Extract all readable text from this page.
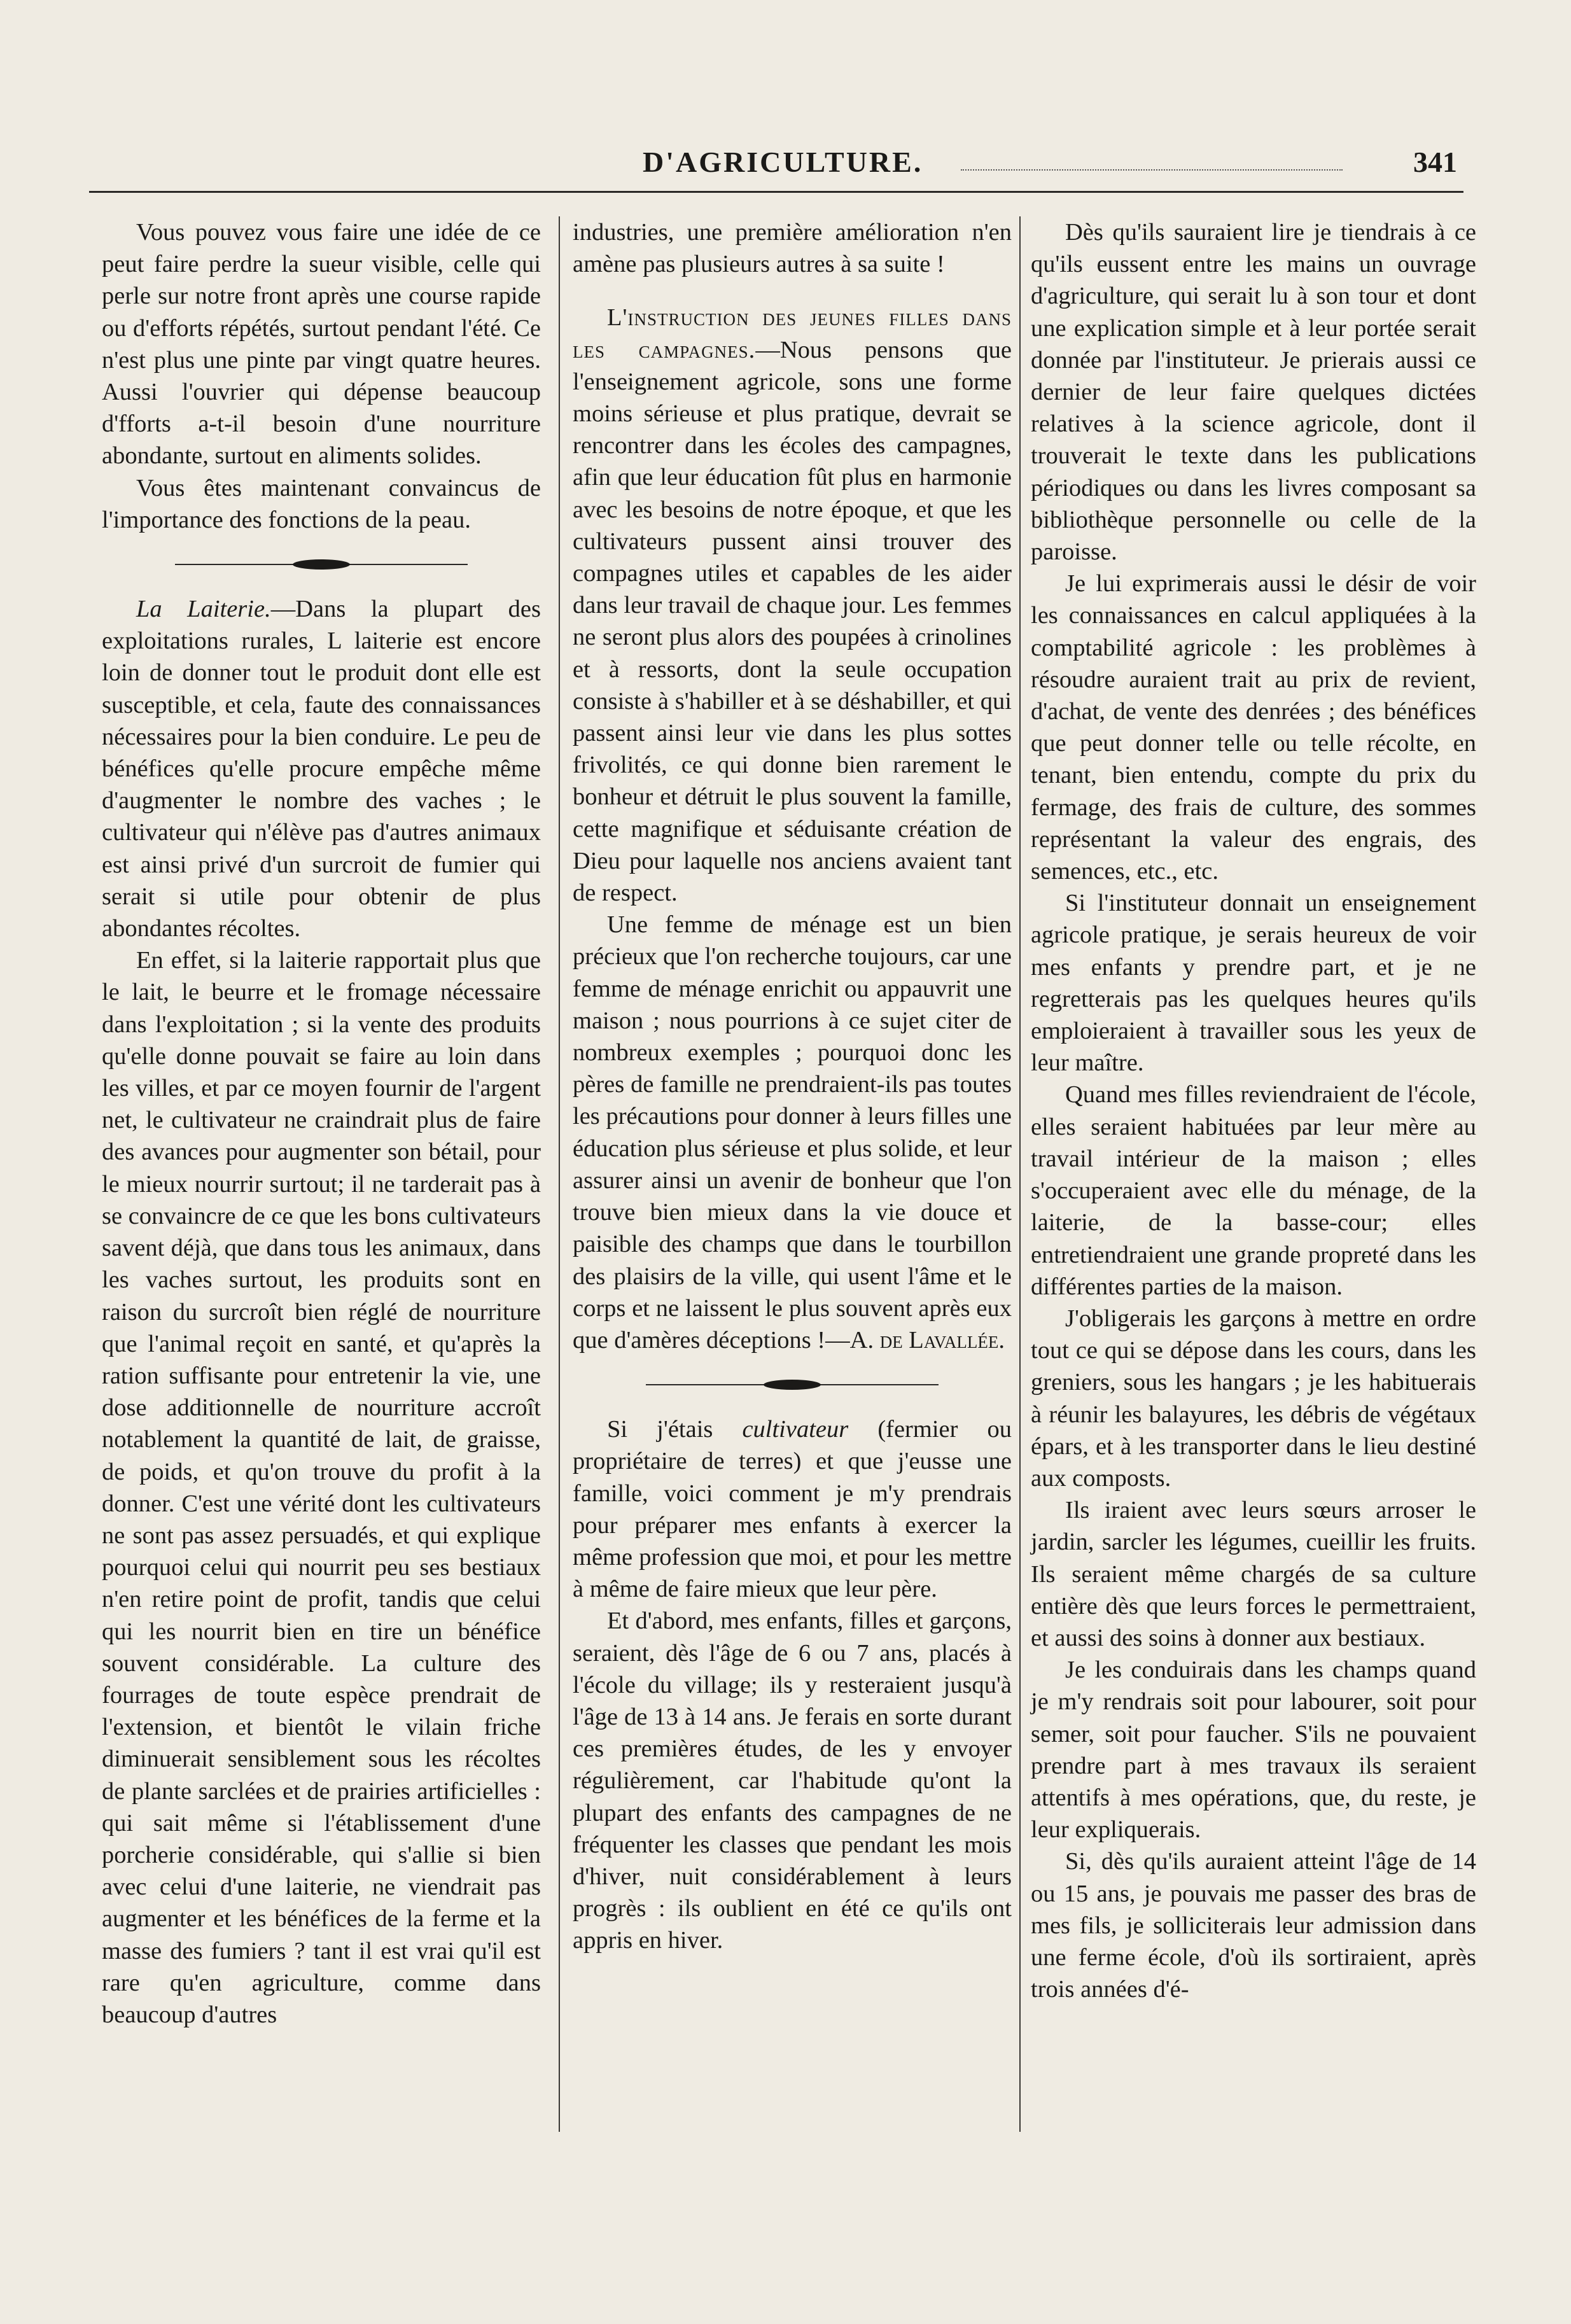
D'AGRICULTURE.	341

Vous pouvez vous faire une idée de ce peut faire perdre la sueur visible, celle qui perle sur notre front après une course rapide ou d'efforts répétés, surtout pendant l'été. Ce n'est plus une pinte par vingt quatre heures. Aussi l'ouvrier qui dépense beaucoup d'fforts a-t-il besoin d'une nourriture abondante, surtout en aliments solides.

Vous êtes maintenant convaincus de l'importance des fonctions de la peau.

La Laiterie.—Dans la plupart des exploitations rurales, L laiterie est encore loin de donner tout le produit dont elle est susceptible, et cela, faute des connaissances nécessaires pour la bien conduire. Le peu de bénéfices qu'elle procure empêche même d'augmenter le nombre des vaches ; le cultivateur qui n'élève pas d'autres animaux est ainsi privé d'un surcroit de fumier qui serait si utile pour obtenir de plus abondantes récoltes.

En effet, si la laiterie rapportait plus que le lait, le beurre et le fromage nécessaire dans l'exploitation ; si la vente des produits qu'elle donne pouvait se faire au loin dans les villes, et par ce moyen fournir de l'argent net, le cultivateur ne craindrait plus de faire des avances pour augmenter son bétail, pour le mieux nourrir surtout; il ne tarderait pas à se convaincre de ce que les bons cultivateurs savent déjà, que dans tous les animaux, dans les vaches surtout, les produits sont en raison du surcroît bien réglé de nourriture que l'animal reçoit en santé, et qu'après la ration suffisante pour entretenir la vie, une dose additionnelle de nourriture accroît notablement la quantité de lait, de graisse, de poids, et qu'on trouve du profit à la donner. C'est une vérité dont les cultivateurs ne sont pas assez persuadés, et qui explique pourquoi celui qui nourrit peu ses bestiaux n'en retire point de profit, tandis que celui qui les nourrit bien en tire un bénéfice souvent considérable. La culture des fourrages de toute espèce prendrait de l'extension, et bientôt le vilain friche diminuerait sensiblement sous les récoltes de plante sarclées et de prairies artificielles : qui sait même si l'établissement d'une porcherie considérable, qui s'allie si bien avec celui d'une laiterie, ne viendrait pas augmenter et les bénéfices de la ferme et la masse des fumiers ? tant il est vrai qu'il est rare qu'en agriculture, comme dans beaucoup d'autres

industries, une première amélioration n'en amène pas plusieurs autres à sa suite !

L'instruction des jeunes filles dans les campagnes.—Nous pensons que l'enseignement agricole, sons une forme moins sérieuse et plus pratique, devrait se rencontrer dans les écoles des campagnes, afin que leur éducation fût plus en harmonie avec les besoins de notre époque, et que les cultivateurs pussent ainsi trouver des compagnes utiles et capables de les aider dans leur travail de chaque jour. Les femmes ne seront plus alors des poupées à crinolines et à ressorts, dont la seule occupation consiste à s'habiller et à se déshabiller, et qui passent ainsi leur vie dans les plus sottes frivolités, ce qui donne bien rarement le bonheur et détruit le plus souvent la famille, cette magnifique et séduisante création de Dieu pour laquelle nos anciens avaient tant de respect.

Une femme de ménage est un bien précieux que l'on recherche toujours, car une femme de ménage enrichit ou appauvrit une maison ; nous pourrions à ce sujet citer de nombreux exemples ; pourquoi donc les pères de famille ne prendraient-ils pas toutes les précautions pour donner à leurs filles une éducation plus sérieuse et plus solide, et leur assurer ainsi un avenir de bonheur que l'on trouve bien mieux dans la vie douce et paisible des champs que dans le tourbillon des plaisirs de la ville, qui usent l'âme et le corps et ne laissent le plus souvent après eux que d'amères déceptions !—A. de Lavallée.

Si j'étais cultivateur (fermier ou propriétaire de terres) et que j'eusse une famille, voici comment je m'y prendrais pour préparer mes enfants à exercer la même profession que moi, et pour les mettre à même de faire mieux que leur père.

Et d'abord, mes enfants, filles et garçons, seraient, dès l'âge de 6 ou 7 ans, placés à l'école du village; ils y resteraient jusqu'à l'âge de 13 à 14 ans. Je ferais en sorte durant ces premières études, de les y envoyer régulièrement, car l'habitude qu'ont la plupart des enfants des campagnes de ne fréquenter les classes que pendant les mois d'hiver, nuit considérablement à leurs progrès : ils oublient en été ce qu'ils ont appris en hiver.

Dès qu'ils sauraient lire je tiendrais à ce qu'ils eussent entre les mains un ouvrage d'agriculture, qui serait lu à son tour et dont une explication simple et à leur portée serait donnée par l'instituteur. Je prierais aussi ce dernier de leur faire quelques dictées relatives à la science agricole, dont il trouverait le texte dans les publications périodiques ou dans les livres composant sa bibliothèque personnelle ou celle de la paroisse.

Je lui exprimerais aussi le désir de voir les connaissances en calcul appliquées à la comptabilité agricole : les problèmes à résoudre auraient trait au prix de revient, d'achat, de vente des denrées ; des bénéfices que peut donner telle ou telle récolte, en tenant, bien entendu, compte du prix du fermage, des frais de culture, des sommes représentant la valeur des engrais, des semences, etc., etc.

Si l'instituteur donnait un enseignement agricole pratique, je serais heureux de voir mes enfants y prendre part, et je ne regretterais pas les quelques heures qu'ils emploieraient à travailler sous les yeux de leur maître.

Quand mes filles reviendraient de l'école, elles seraient habituées par leur mère au travail intérieur de la maison ; elles s'occuperaient avec elle du ménage, de la laiterie, de la basse-cour; elles entretiendraient une grande propreté dans les différentes parties de la maison.

J'obligerais les garçons à mettre en ordre tout ce qui se dépose dans les cours, dans les greniers, sous les hangars ; je les habituerais à réunir les balayures, les débris de végétaux épars, et à les transporter dans le lieu destiné aux composts.

Ils iraient avec leurs sœurs arroser le jardin, sarcler les légumes, cueillir les fruits. Ils seraient même chargés de sa culture entière dès que leurs forces le permettraient, et aussi des soins à donner aux bestiaux.

Je les conduirais dans les champs quand je m'y rendrais soit pour labourer, soit pour semer, soit pour faucher. S'ils ne pouvaient prendre part à mes travaux ils seraient attentifs à mes opérations, que, du reste, je leur expliquerais.

Si, dès qu'ils auraient atteint l'âge de 14 ou 15 ans, je pouvais me passer des bras de mes fils, je solliciterais leur admission dans une ferme école, d'où ils sortiraient, après trois années d'é-
